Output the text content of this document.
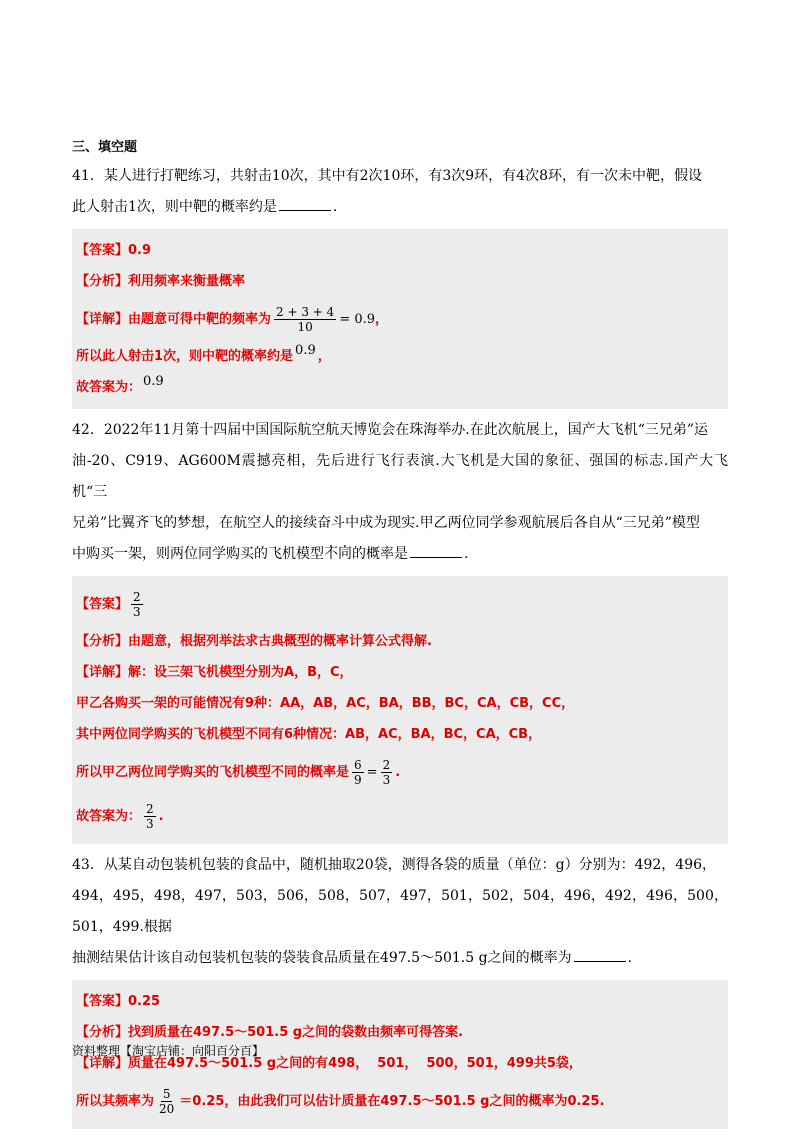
三、填空题

41．某人进行打靶练习，共射击10次，其中有2次10环，有3次9环，有4次8环，有一次未中靶，假设

此人射击1次，则中靶的概率约是	.

【答案】 0.9
【分析】 利用频率来衡量概率
【详解】 由题意可得中靶的频率为 $\frac{2 + 3 + 4}{10} = 0.9$ ，
所以此人射击1次，则中靶的概率约是 0.9 ，
故答案为： 0.9

42．2022年11月第十四届中国国际航空航天博览会在珠海举办.在此次航展上，国产大飞机“三兄弟”运

油-20、C919、AG600M震撼亮相，先后进行飞行表演.大飞机是大国的象征、强国的标志.国产大飞机“三

兄弟”比翼齐飞的梦想，在航空人的接续奋斗中成为现实.甲乙两位同学参观航展后各自从“三兄弟”模型

中购买一架，则两位同学购买的飞机模型不同的概率是	.

【答案】 $\frac{2}{3}$
【分析】 由题意，根据列举法求古典概型的概率计算公式得解.
【详解】 解：设三架飞机模型分别为A，B，C，
甲乙各购买一架的可能情况有9种：AA，AB，AC，BA，BB，BC，CA，CB，CC，
其中两位同学购买的飞机模型不同有6种情况：AB，AC，BA，BC，CA，CB，
所以甲乙两位同学购买的飞机模型不同的概率是 $\frac{6}{9} = \frac{2}{3}$ .
故答案为： $\frac{2}{3}$ .

43．从某自动包装机包装的食品中，随机抽取20袋，测得各袋的质量（单位：g）分别为：492，496，

494，495，498，497，503，506，508，507，497，501，502，504，496，492，496，500，501，499.根据

抽测结果估计该自动包装机包装的袋装食品质量在497.5～501.5 g之间的概率为	.

【答案】 0.25
【分析】 找到质量在497.5～501.5 g之间的袋数由频率可得答案.
【详解】 质量在497.5～501.5 g之间的有498，  501，  500，501，499共5袋，
所以其频率为 $\frac{5}{20} =0.25$，由此我们可以估计质量在497.5～501.5 g之间的概率为0.25.
资料整理【淘宝店铺：向阳百分百】
